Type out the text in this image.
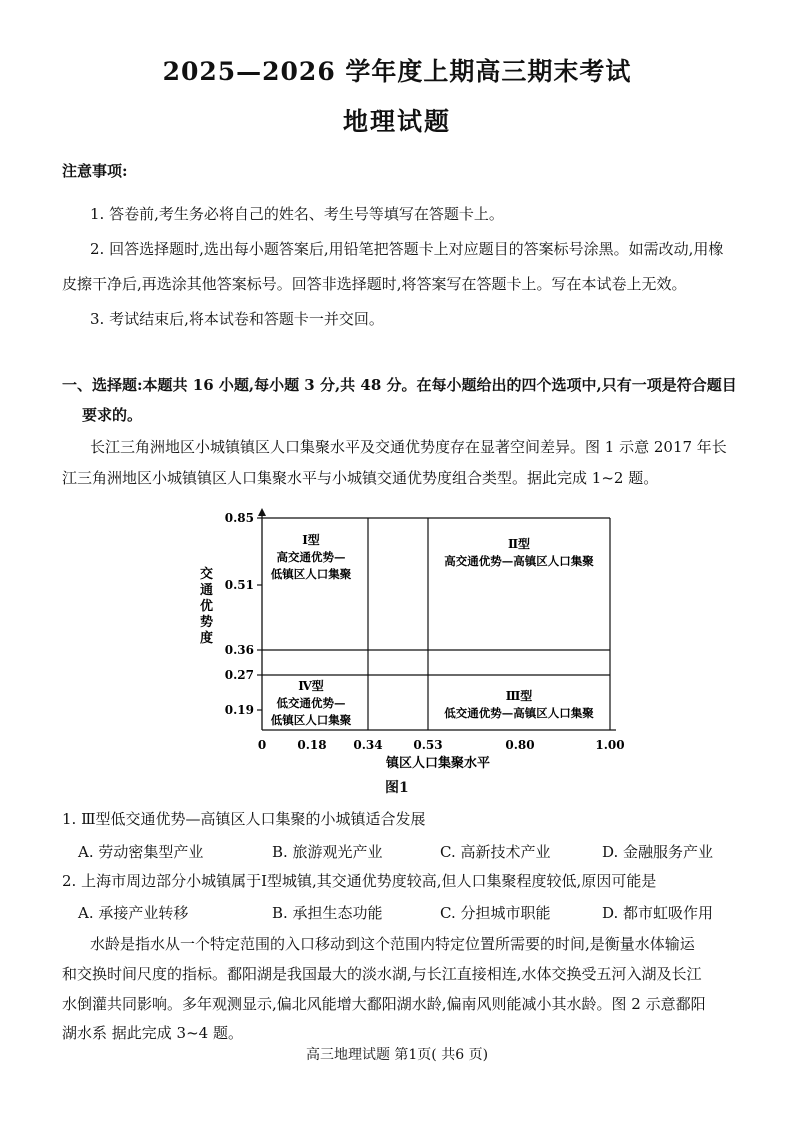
2025—2026 学年度上期高三期末考试
地理试题
注意事项:
1. 答卷前,考生务必将自己的姓名、考生号等填写在答题卡上。
2. 回答选择题时,选出每小题答案后,用铅笔把答题卡上对应题目的答案标号涂黑。如需改动,用橡
皮擦干净后,再选涂其他答案标号。回答非选择题时,将答案写在答题卡上。写在本试卷上无效。
3. 考试结束后,将本试卷和答题卡一并交回。
一、选择题:本题共 16 小题,每小题 3 分,共 48 分。在每小题给出的四个选项中,只有一项是符合题目
要求的。
长江三角洲地区小城镇镇区人口集聚水平及交通优势度存在显著空间差异。图 1 示意 2017 年长
江三角洲地区小城镇镇区人口集聚水平与小城镇交通优势度组合类型。据此完成 1~2 题。
0.19
0.27
0.36
0.51
0.85
0	0.18 0.34	0.53	0.80	1.00
Ⅰ型
高交通优势—
低镇区人口集聚
Ⅱ型
高交通优势—高镇区人口集聚
Ⅳ型
低交通优势—
低镇区人口集聚
Ⅲ型
低交通优势—高镇区人口集聚
交通优势度
镇区人口集聚水平
图1
1. Ⅲ型低交通优势—高镇区人口集聚的小城镇适合发展
A. 劳动密集型产业	B. 旅游观光产业	C. 高新技术产业	D. 金融服务产业
2. 上海市周边部分小城镇属于Ⅰ型城镇,其交通优势度较高,但人口集聚程度较低,原因可能是
A. 承接产业转移	B. 承担生态功能	C. 分担城市职能	D. 都市虹吸作用
水龄是指水从一个特定范围的入口移动到这个范围内特定位置所需要的时间,是衡量水体输运
和交换时间尺度的指标。鄱阳湖是我国最大的淡水湖,与长江直接相连,水体交换受五河入湖及长江
水倒灌共同影响。多年观测显示,偏北风能增大鄱阳湖水龄,偏南风则能减小其水龄。图 2 示意鄱阳
湖水系 据此完成 3~4 题。
高三地理试题 第1页( 共6 页)
